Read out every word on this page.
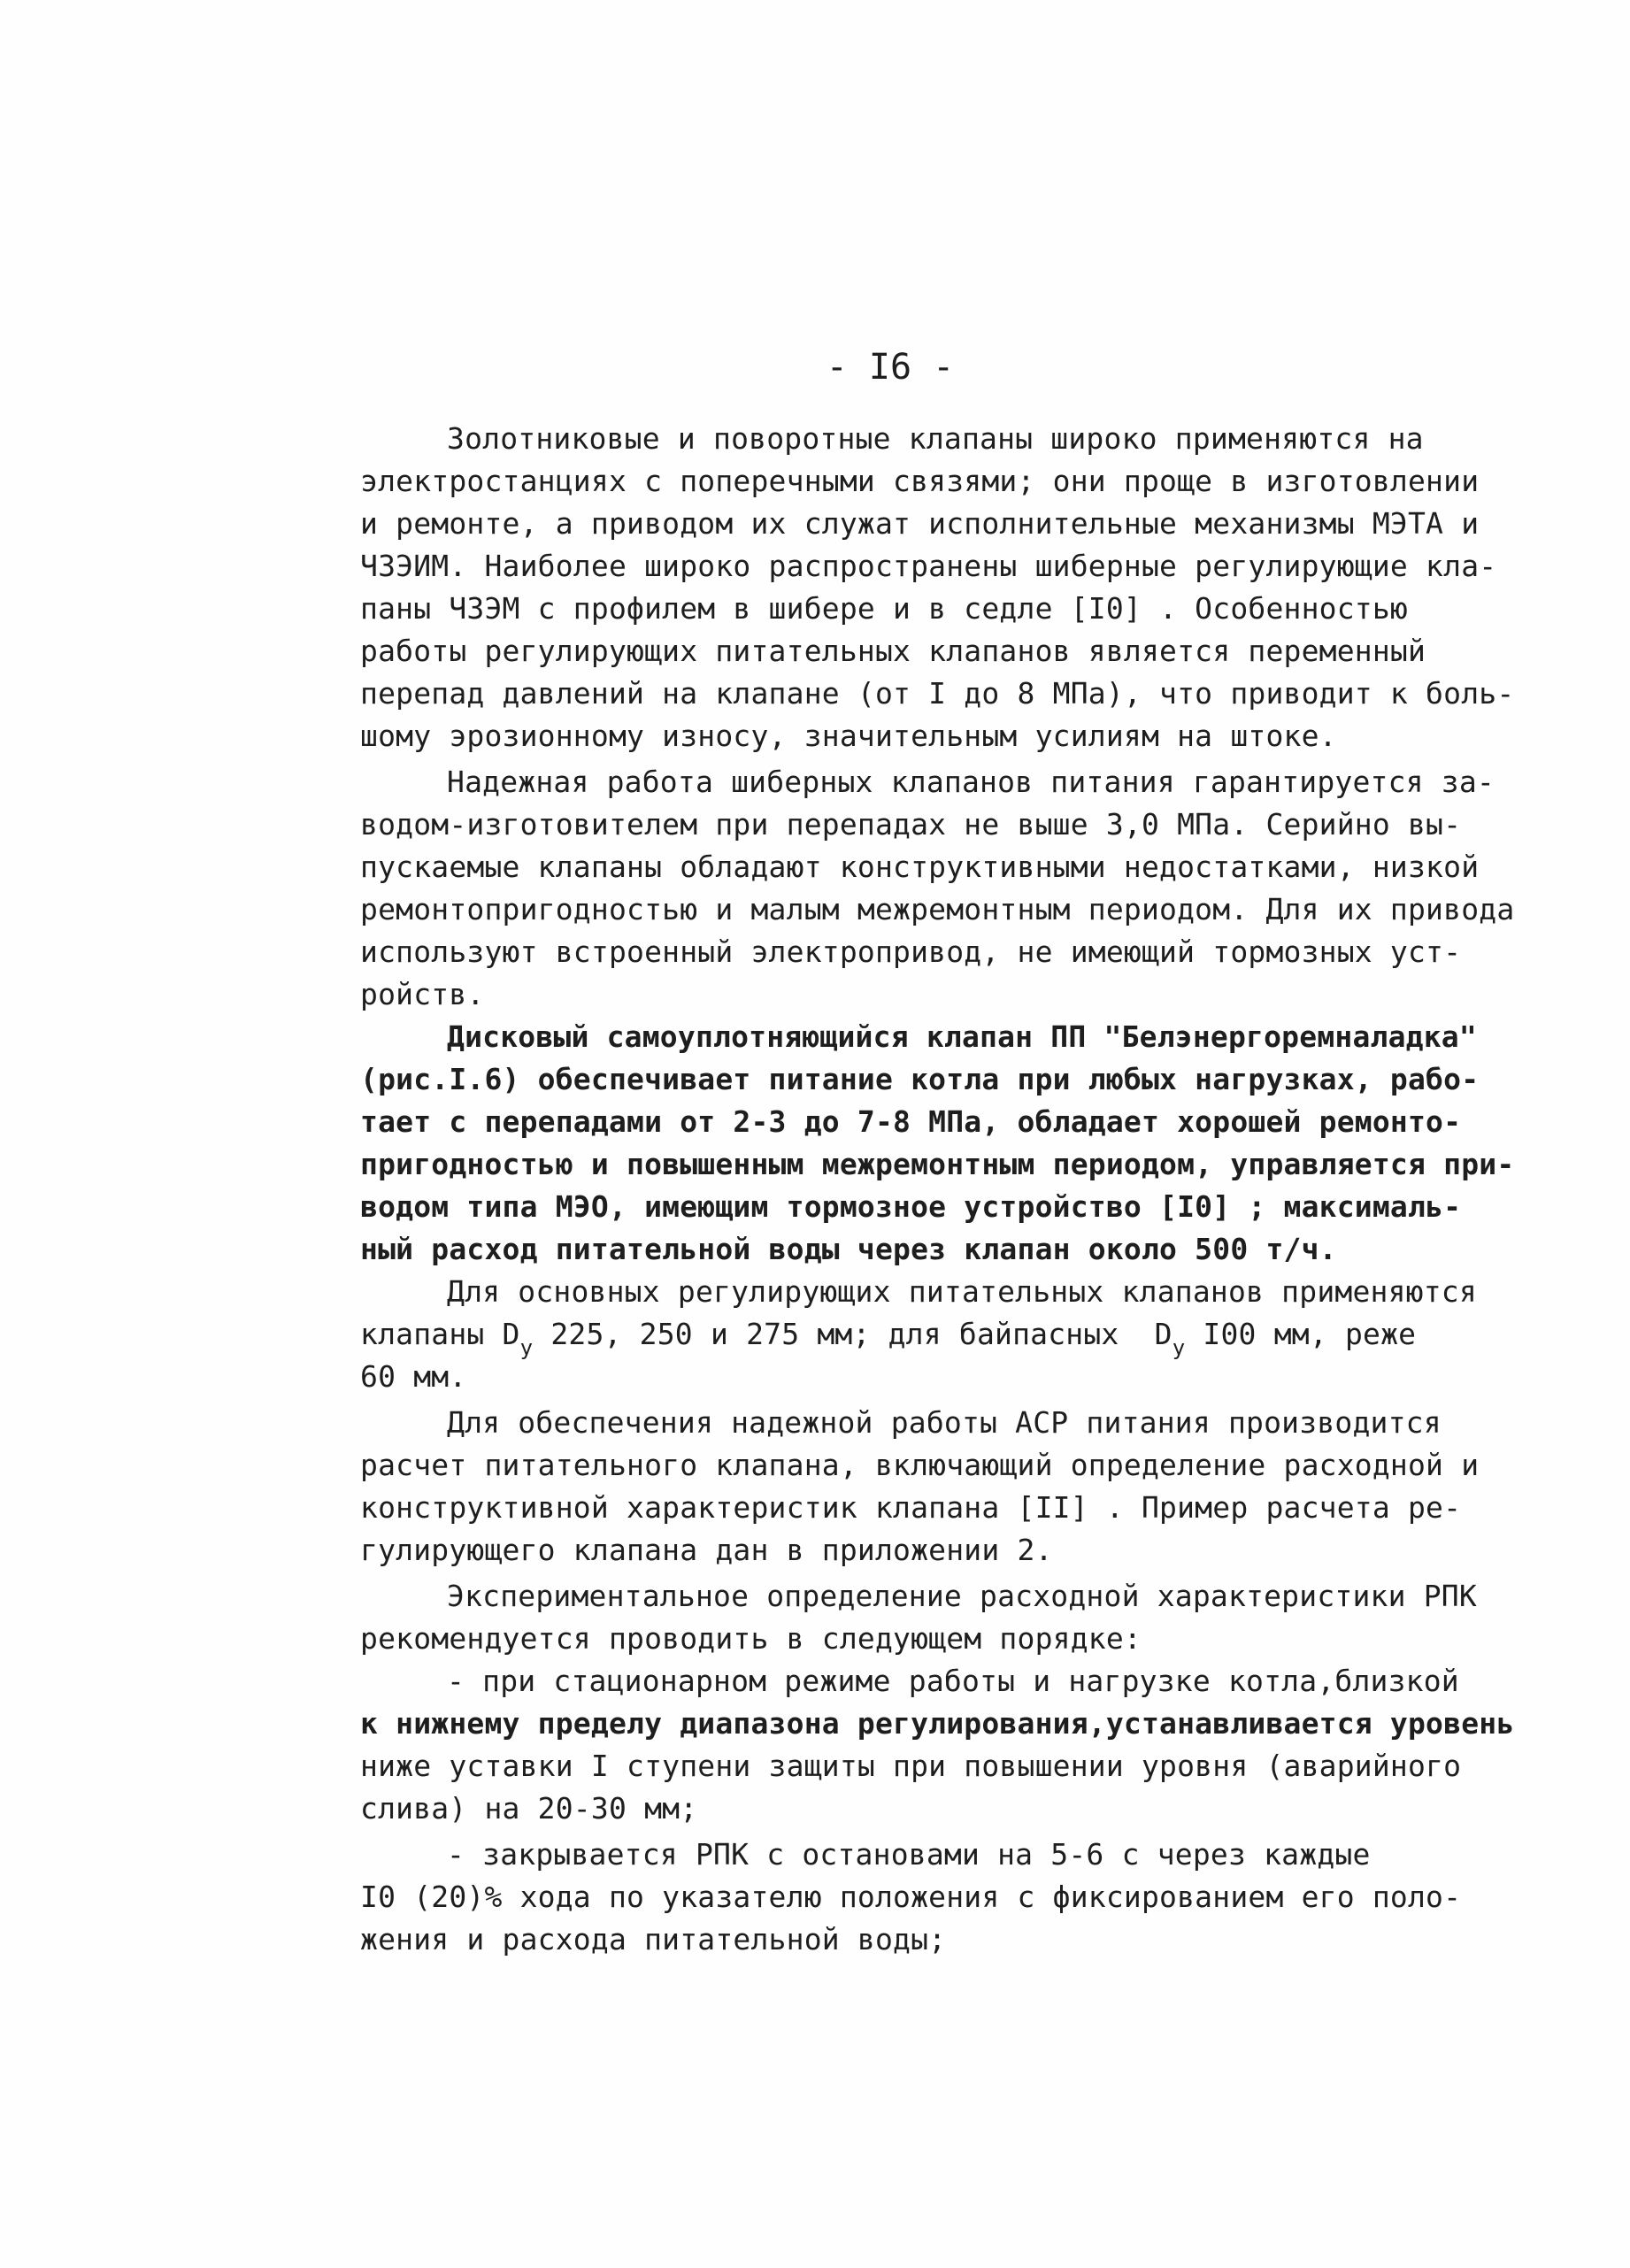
- I6 -
Золотниковые и поворотные клапаны широко применяются на
электростанциях с поперечными связями; они проще в изготовлении
и ремонте, а приводом их служат исполнительные механизмы МЭТА и
ЧЗЭИМ. Наиболее широко распространены шиберные регулирующие кла-
паны ЧЗЭМ с профилем в шибере и в седле [I0] . Особенностью
работы регулирующих питательных клапанов является переменный
перепад давлений на клапане (от I до 8 МПа), что приводит к боль-
шому эрозионному износу, значительным усилиям на штоке.
Надежная работа шиберных клапанов питания гарантируется за-
водом-изготовителем при перепадах не выше 3,0 МПа. Серийно вы-
пускаемые клапаны обладают конструктивными недостатками, низкой
ремонтопригодностью и малым межремонтным периодом. Для их привода
используют встроенный электропривод, не имеющий тормозных уст-
ройств.
Дисковый самоуплотняющийся клапан ПП "Белэнергоремналадка"
(рис.I.6) обеспечивает питание котла при любых нагрузках, рабо-
тает с перепадами от 2-3 до 7-8 МПа, обладает хорошей ремонто-
пригодностью и повышенным межремонтным периодом, управляется при-
водом типа МЭО, имеющим тормозное устройство [I0] ; максималь-
ный расход питательной воды через клапан около 500 т/ч.
Для основных регулирующих питательных клапанов применяются
клапаны $D_y$ 225, 250 и 275 мм; для байпасных  $D_y$ I00 мм, реже
60 мм.
Для обеспечения надежной работы АСР питания производится
расчет питательного клапана, включающий определение расходной и
конструктивной характеристик клапана [II] . Пример расчета ре-
гулирующего клапана дан в приложении 2.
Экспериментальное определение расходной характеристики РПК
рекомендуется проводить в следующем порядке:
- при стационарном режиме работы и нагрузке котла,близкой
к нижнему пределу диапазона регулирования,устанавливается уровень
ниже уставки I ступени защиты при повышении уровня (аварийного
слива) на 20-30 мм;
- закрывается РПК с остановами на 5-6 с через каждые
I0 (20)% хода по указателю положения с фиксированием его поло-
жения и расхода питательной воды;
